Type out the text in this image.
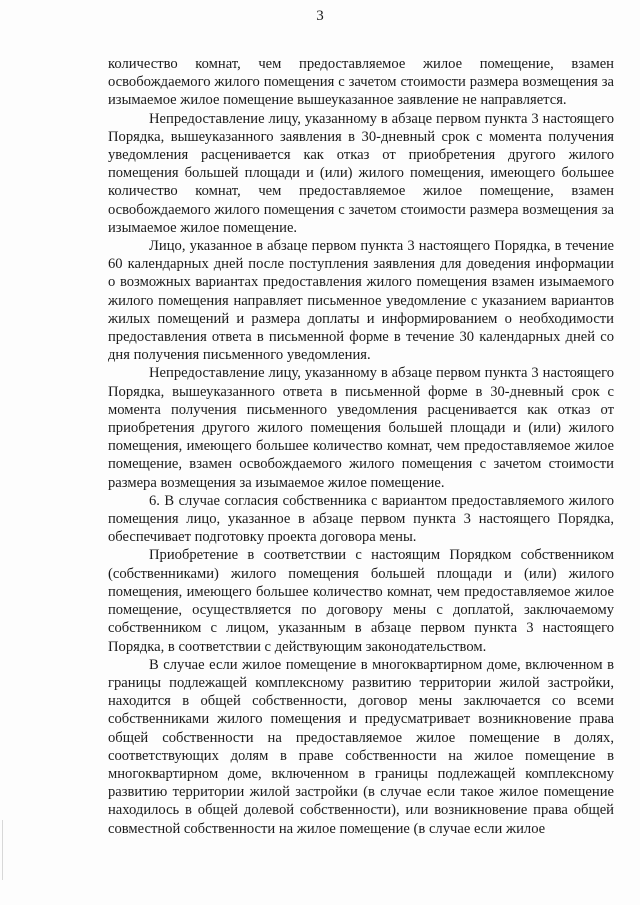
3

количество комнат, чем предоставляемое жилое помещение, взамен освобождаемого жилого помещения с зачетом стоимости размера возмещения за изымаемое жилое помещение вышеуказанное заявление не направляется.

Непредоставление лицу, указанному в абзаце первом пункта 3 настоящего Порядка, вышеуказанного заявления в 30-дневный срок с момента получения уведомления расценивается как отказ от приобретения другого жилого помещения большей площади и (или) жилого помещения, имеющего большее количество комнат, чем предоставляемое жилое помещение, взамен освобождаемого жилого помещения с зачетом стоимости размера возмещения за изымаемое жилое помещение.

Лицо, указанное в абзаце первом пункта 3 настоящего Порядка, в течение 60 календарных дней после поступления заявления для доведения информации о возможных вариантах предоставления жилого помещения взамен изымаемого жилого помещения направляет письменное уведомление с указанием вариантов жилых помещений и размера доплаты и информированием о необходимости предоставления ответа в письменной форме в течение 30 календарных дней со дня получения письменного уведомления.

Непредоставление лицу, указанному в абзаце первом пункта 3 настоящего Порядка, вышеуказанного ответа в письменной форме в 30-дневный срок с момента получения письменного уведомления расценивается как отказ от приобретения другого жилого помещения большей площади и (или) жилого помещения, имеющего большее количество комнат, чем предоставляемое жилое помещение, взамен освобождаемого жилого помещения с зачетом стоимости размера возмещения за изымаемое жилое помещение.

6. В случае согласия собственника с вариантом предоставляемого жилого помещения лицо, указанное в абзаце первом пункта 3 настоящего Порядка, обеспечивает подготовку проекта договора мены.

Приобретение в соответствии с настоящим Порядком собственником (собственниками) жилого помещения большей площади и (или) жилого помещения, имеющего большее количество комнат, чем предоставляемое жилое помещение, осуществляется по договору мены с доплатой, заключаемому собственником с лицом, указанным в абзаце первом пункта 3 настоящего Порядка, в соответствии с действующим законодательством.

В случае если жилое помещение в многоквартирном доме, включенном в границы подлежащей комплексному развитию территории жилой застройки, находится в общей собственности, договор мены заключается со всеми собственниками жилого помещения и предусматривает возникновение права общей собственности на предоставляемое жилое помещение в долях, соответствующих долям в праве собственности на жилое помещение в многоквартирном доме, включенном в границы подлежащей комплексному развитию территории жилой застройки (в случае если такое жилое помещение находилось в общей долевой собственности), или возникновение права общей совместной собственности на жилое помещение (в случае если жилое
